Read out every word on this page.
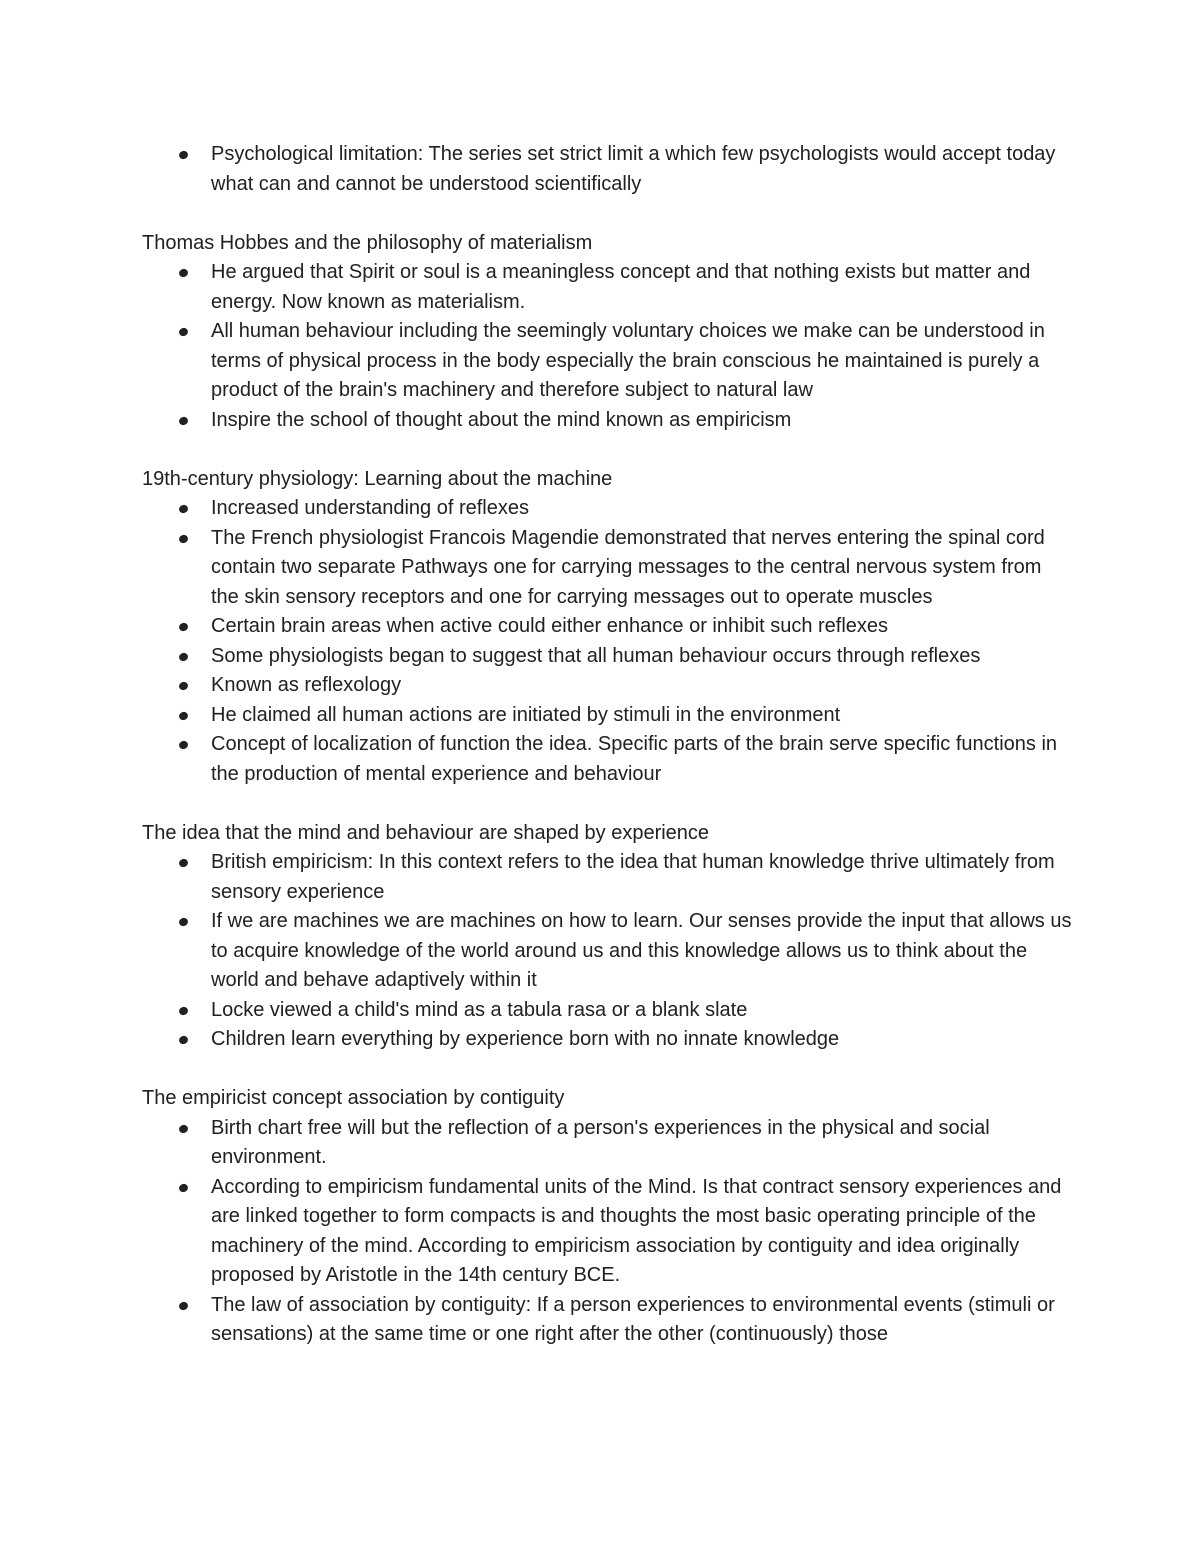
Psychological limitation: The series set strict limit a which few psychologists would accept today what can and cannot be understood scientifically

Thomas Hobbes and the philosophy of materialism

He argued that Spirit or soul is a meaningless concept and that nothing exists but matter and energy. Now known as materialism.
All human behaviour including the seemingly voluntary choices we make can be understood in terms of physical process in the body especially the brain conscious he maintained is purely a product of the brain's machinery and therefore subject to natural law
Inspire the school of thought about the mind known as empiricism

19th-century physiology: Learning about the machine

Increased understanding of reflexes
The French physiologist Francois Magendie demonstrated that nerves entering the spinal cord contain two separate Pathways one for carrying messages to the central nervous system from the skin sensory receptors and one for carrying messages out to operate muscles
Certain brain areas when active could either enhance or inhibit such reflexes
Some physiologists began to suggest that all human behaviour occurs through reflexes
Known as reflexology
He claimed all human actions are initiated by stimuli in the environment
Concept of localization of function the idea. Specific parts of the brain serve specific functions in the production of mental experience and behaviour

The idea that the mind and behaviour are shaped by experience

British empiricism: In this context refers to the idea that human knowledge thrive ultimately from sensory experience
If we are machines we are machines on how to learn. Our senses provide the input that allows us to acquire knowledge of the world around us and this knowledge allows us to think about the world and behave adaptively within it
Locke viewed a child's mind as a tabula rasa or a blank slate
Children learn everything by experience born with no innate knowledge

The empiricist concept association by contiguity

Birth chart free will but the reflection of a person's experiences in the physical and social environment.
According to empiricism fundamental units of the Mind. Is that contract sensory experiences and are linked together to form compacts is and thoughts the most basic operating principle of the machinery of the mind. According to empiricism association by contiguity and idea originally proposed by Aristotle in the 14th century BCE.
The law of association by contiguity: If a person experiences to environmental events (stimuli or sensations) at the same time or one right after the other (continuously) those
